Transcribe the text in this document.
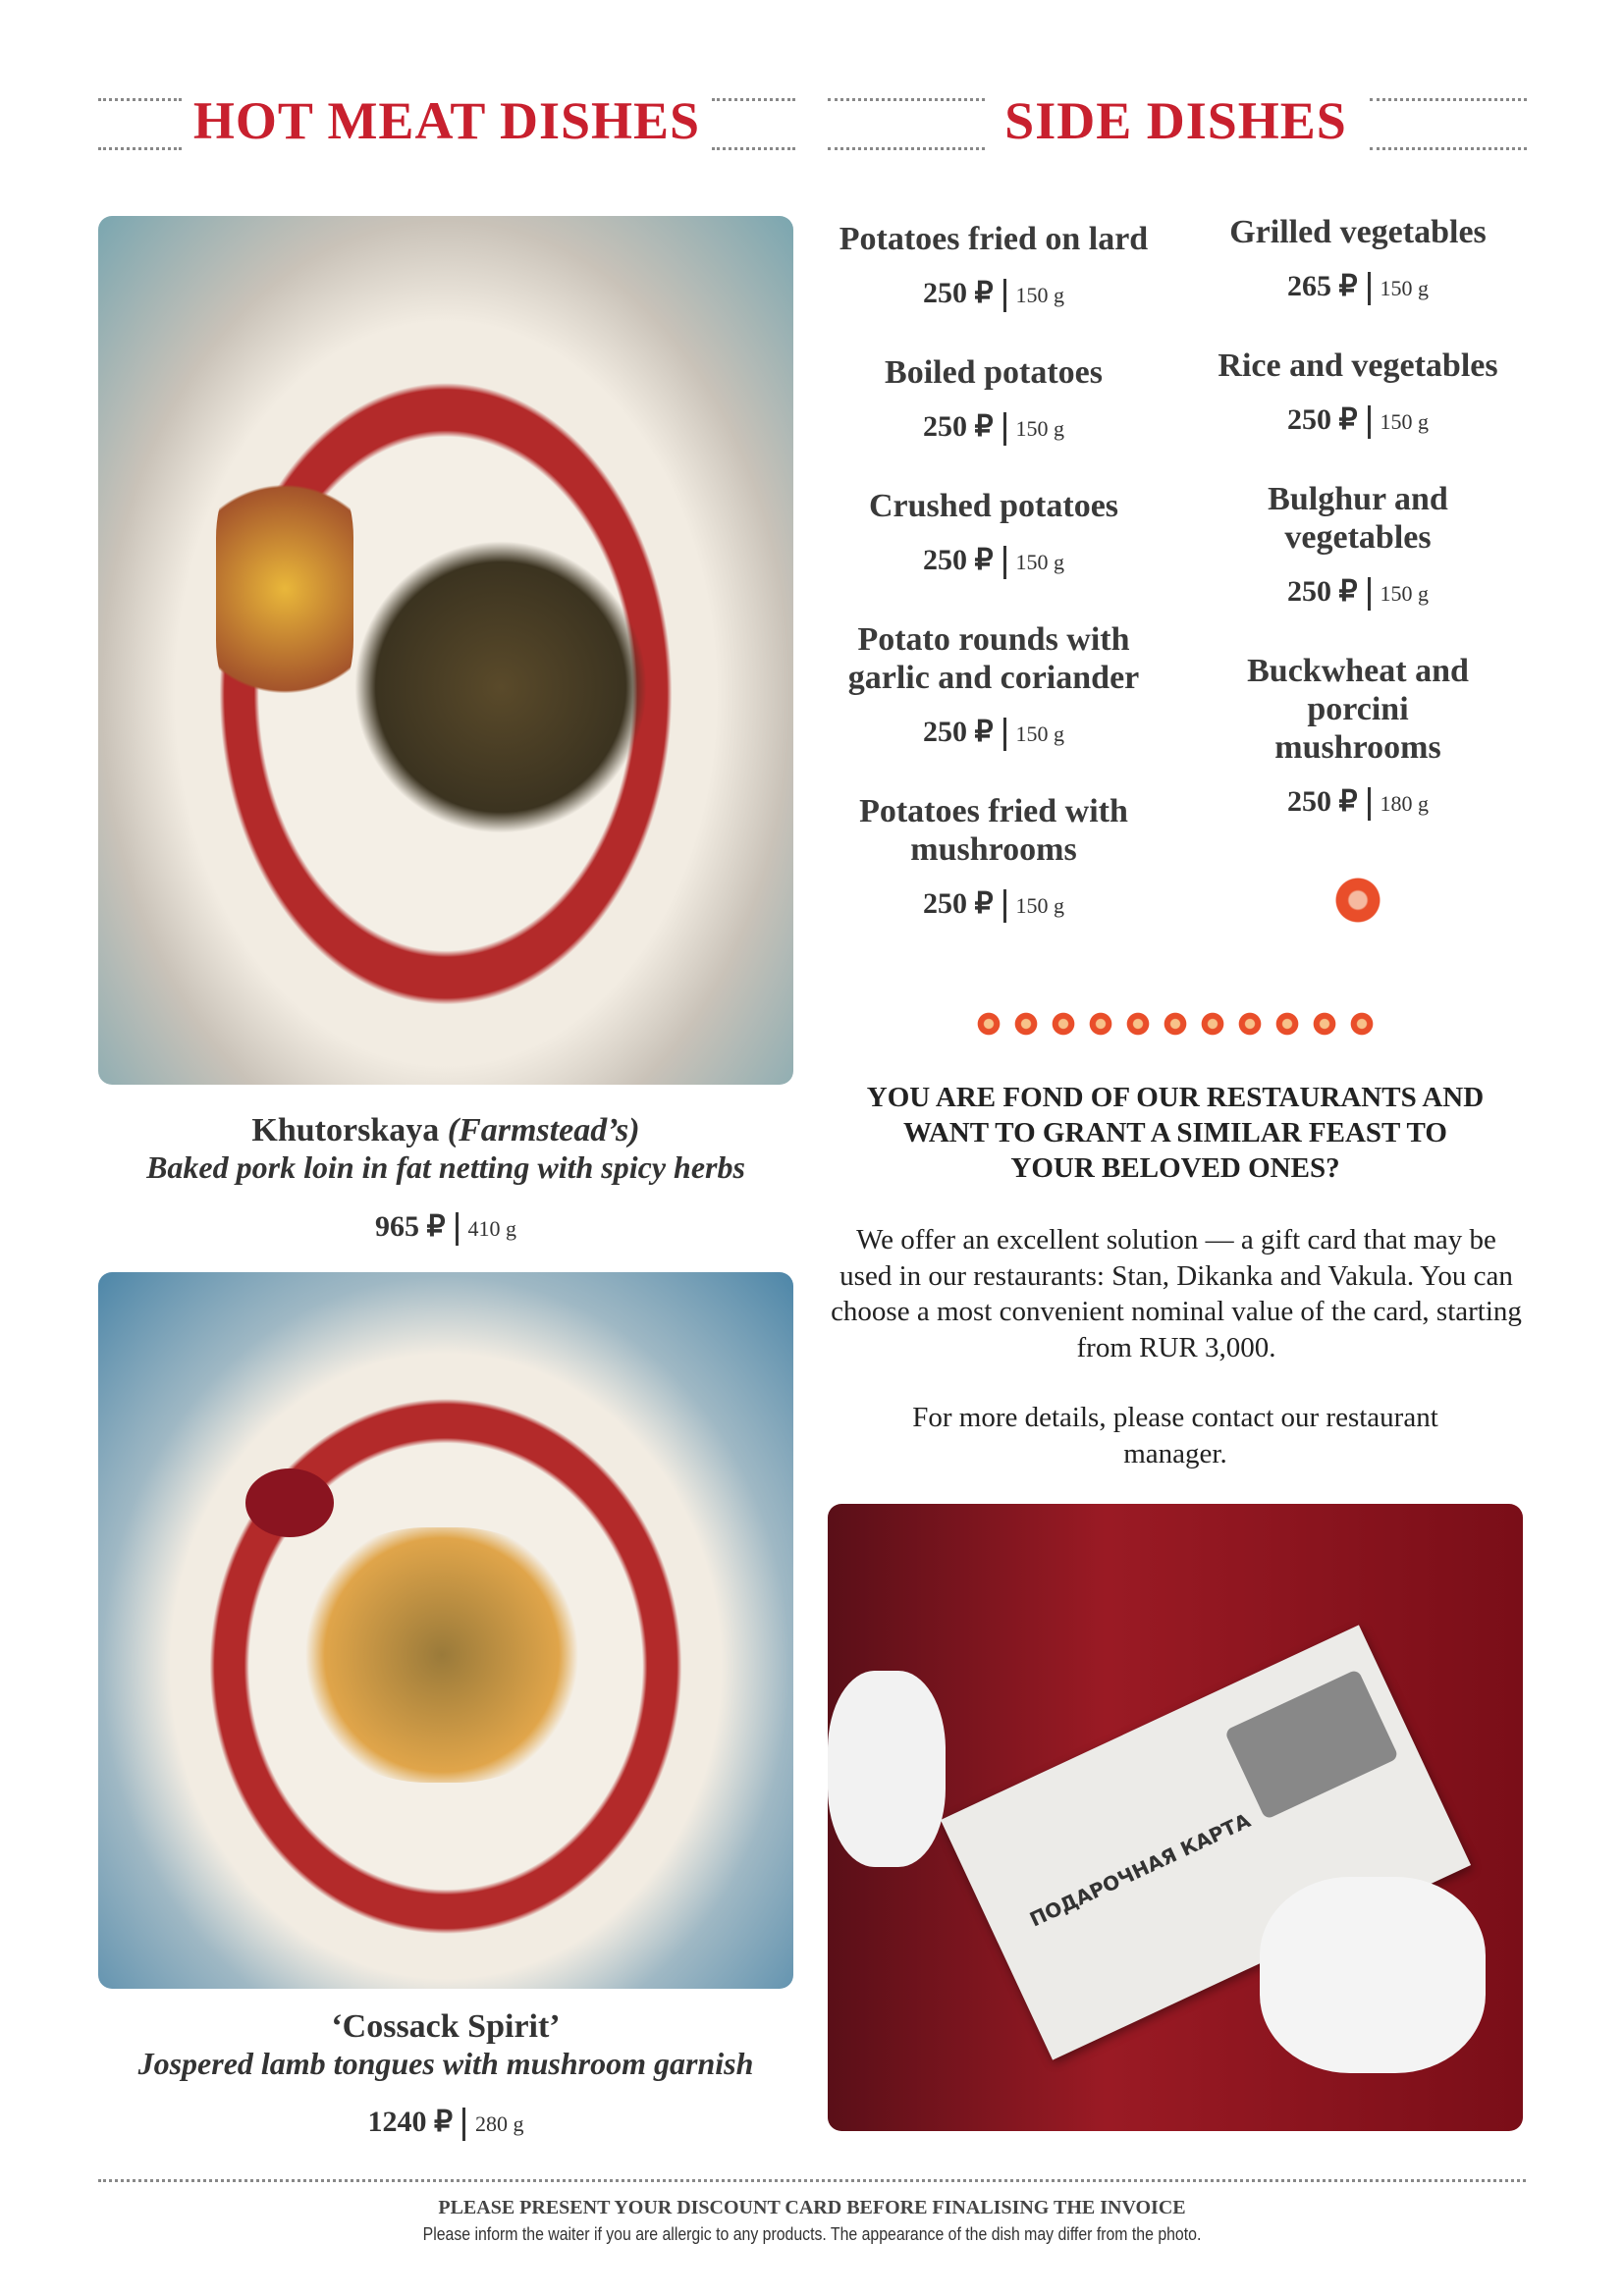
HOT MEAT DISHES	SIDE DISHES
Khutorskaya (Farmstead’s)
Baked pork loin in fat netting with spicy herbs
965 ₽ 410 g
‘Cossack Spirit’
Jospered lamb tongues with mushroom garnish
1240 ₽ 280 g
Potatoes fried on lard
250 ₽ 150 g
Boiled potatoes
250 ₽ 150 g
Crushed potatoes
250 ₽ 150 g
Potato rounds with garlic and coriander
250 ₽ 150 g
Potatoes fried with mushrooms
250 ₽ 150 g
Grilled vegetables
265 ₽ 150 g
Rice and vegetables
250 ₽ 150 g
Bulghur and vegetables
250 ₽ 150 g
Buckwheat and porcini mushrooms
250 ₽ 180 g
YOU ARE FOND OF OUR RESTAURANTS AND WANT TO GRANT A SIMILAR FEAST TO YOUR BELOVED ONES?
We offer an excellent solution — a gift card that may be used in our restaurants: Stan, Dikanka and Vakula. You can choose a most convenient nominal value of the card, starting from RUR 3,000.
For more details, please contact our restaurant manager.
ПОДАРОЧНАЯ КАРТА
PLEASE PRESENT YOUR DISCOUNT CARD BEFORE FINALISING THE INVOICE
Please inform the waiter if you are allergic to any products. The appearance of the dish may differ from the photo.
